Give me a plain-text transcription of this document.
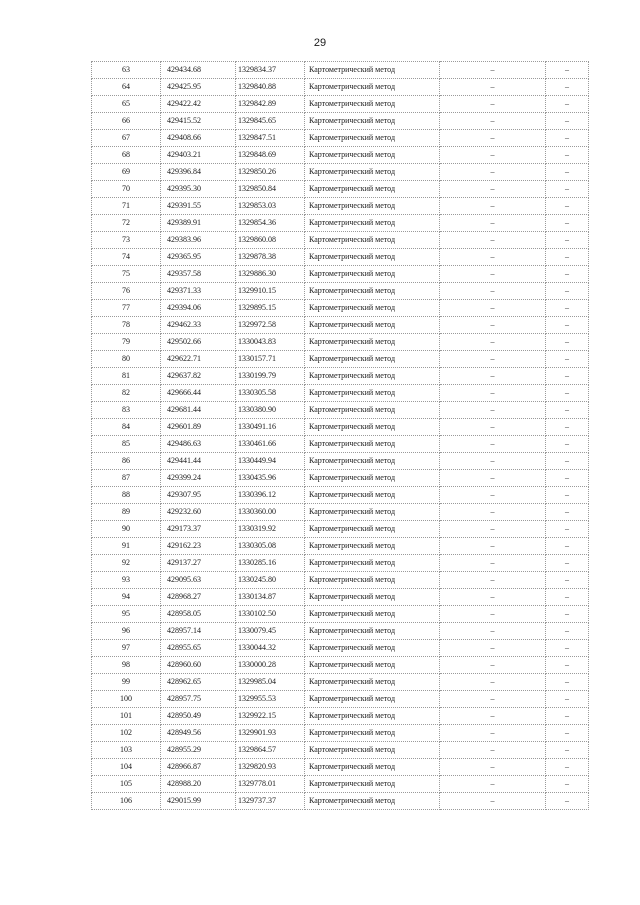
29
63	429434.68	1329834.37	Картометрический метод	–	–
64	429425.95	1329840.88	Картометрический метод	–	–
65	429422.42	1329842.89	Картометрический метод	–	–
66	429415.52	1329845.65	Картометрический метод	–	–
67	429408.66	1329847.51	Картометрический метод	–	–
68	429403.21	1329848.69	Картометрический метод	–	–
69	429396.84	1329850.26	Картометрический метод	–	–
70	429395.30	1329850.84	Картометрический метод	–	–
71	429391.55	1329853.03	Картометрический метод	–	–
72	429389.91	1329854.36	Картометрический метод	–	–
73	429383.96	1329860.08	Картометрический метод	–	–
74	429365.95	1329878.38	Картометрический метод	–	–
75	429357.58	1329886.30	Картометрический метод	–	–
76	429371.33	1329910.15	Картометрический метод	–	–
77	429394.06	1329895.15	Картометрический метод	–	–
78	429462.33	1329972.58	Картометрический метод	–	–
79	429502.66	1330043.83	Картометрический метод	–	–
80	429622.71	1330157.71	Картометрический метод	–	–
81	429637.82	1330199.79	Картометрический метод	–	–
82	429666.44	1330305.58	Картометрический метод	–	–
83	429681.44	1330380.90	Картометрический метод	–	–
84	429601.89	1330491.16	Картометрический метод	–	–
85	429486.63	1330461.66	Картометрический метод	–	–
86	429441.44	1330449.94	Картометрический метод	–	–
87	429399.24	1330435.96	Картометрический метод	–	–
88	429307.95	1330396.12	Картометрический метод	–	–
89	429232.60	1330360.00	Картометрический метод	–	–
90	429173.37	1330319.92	Картометрический метод	–	–
91	429162.23	1330305.08	Картометрический метод	–	–
92	429137.27	1330285.16	Картометрический метод	–	–
93	429095.63	1330245.80	Картометрический метод	–	–
94	428968.27	1330134.87	Картометрический метод	–	–
95	428958.05	1330102.50	Картометрический метод	–	–
96	428957.14	1330079.45	Картометрический метод	–	–
97	428955.65	1330044.32	Картометрический метод	–	–
98	428960.60	1330000.28	Картометрический метод	–	–
99	428962.65	1329985.04	Картометрический метод	–	–
100	428957.75	1329955.53	Картометрический метод	–	–
101	428950.49	1329922.15	Картометрический метод	–	–
102	428949.56	1329901.93	Картометрический метод	–	–
103	428955.29	1329864.57	Картометрический метод	–	–
104	428966.87	1329820.93	Картометрический метод	–	–
105	428988.20	1329778.01	Картометрический метод	–	–
106	429015.99	1329737.37	Картометрический метод	–	–
